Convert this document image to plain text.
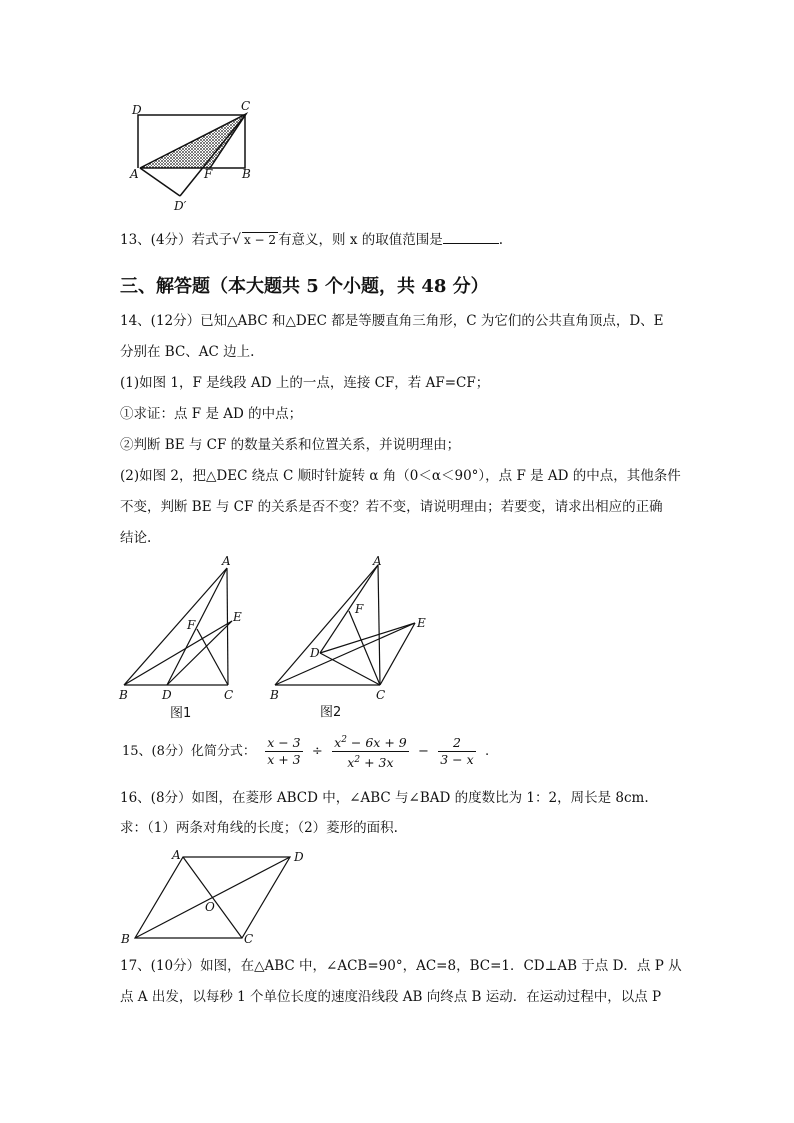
D	C
A	F B
D′
13、(4分）若式子√ x − 2 有意义，则 x 的取值范围是	.
三、解答题（本大题共 5 个小题，共 48 分）
14、(12分）已知△ABC 和△DEC 都是等腰直角三角形，C 为它们的公共直角顶点，D、E
分别在 BC、AC 边上.
(1)如图 1，F 是线段 AD 上的一点，连接 CF，若 AF=CF；
①求证：点 F 是 AD 的中点；
②判断 BE 与 CF 的数量关系和位置关系，并说明理由；
(2)如图 2，把△DEC 绕点 C 顺时针旋转 α 角（0＜α＜90°），点 F 是 AD 的中点，其他条件
不变，判断 BE 与 CF 的关系是否不变？若不变，请说明理由；若要变，请求出相应的正确
结论.
A
E
F
B	D	C
图1
A
F
E
D
B	C
图2
15、(8分）化简分式： $\frac{x - 3}{x + 3} \div \frac{x^2 - 6x + 9}{x^2 + 3x} - \frac{2}{3 - x}$ .
16、(8分）如图，在菱形 ABCD 中，∠ABC 与∠BAD 的度数比为 1：2，周长是 8cm.
求：（1）两条对角线的长度；（2）菱形的面积.
A	D
O
B	C
17、(10分）如图，在△ABC 中，∠ACB=90°，AC=8，BC=1．CD⊥AB 于点 D．点 P 从
点 A 出发，以每秒 1 个单位长度的速度沿线段 AB 向终点 B 运动．在运动过程中，以点 P
